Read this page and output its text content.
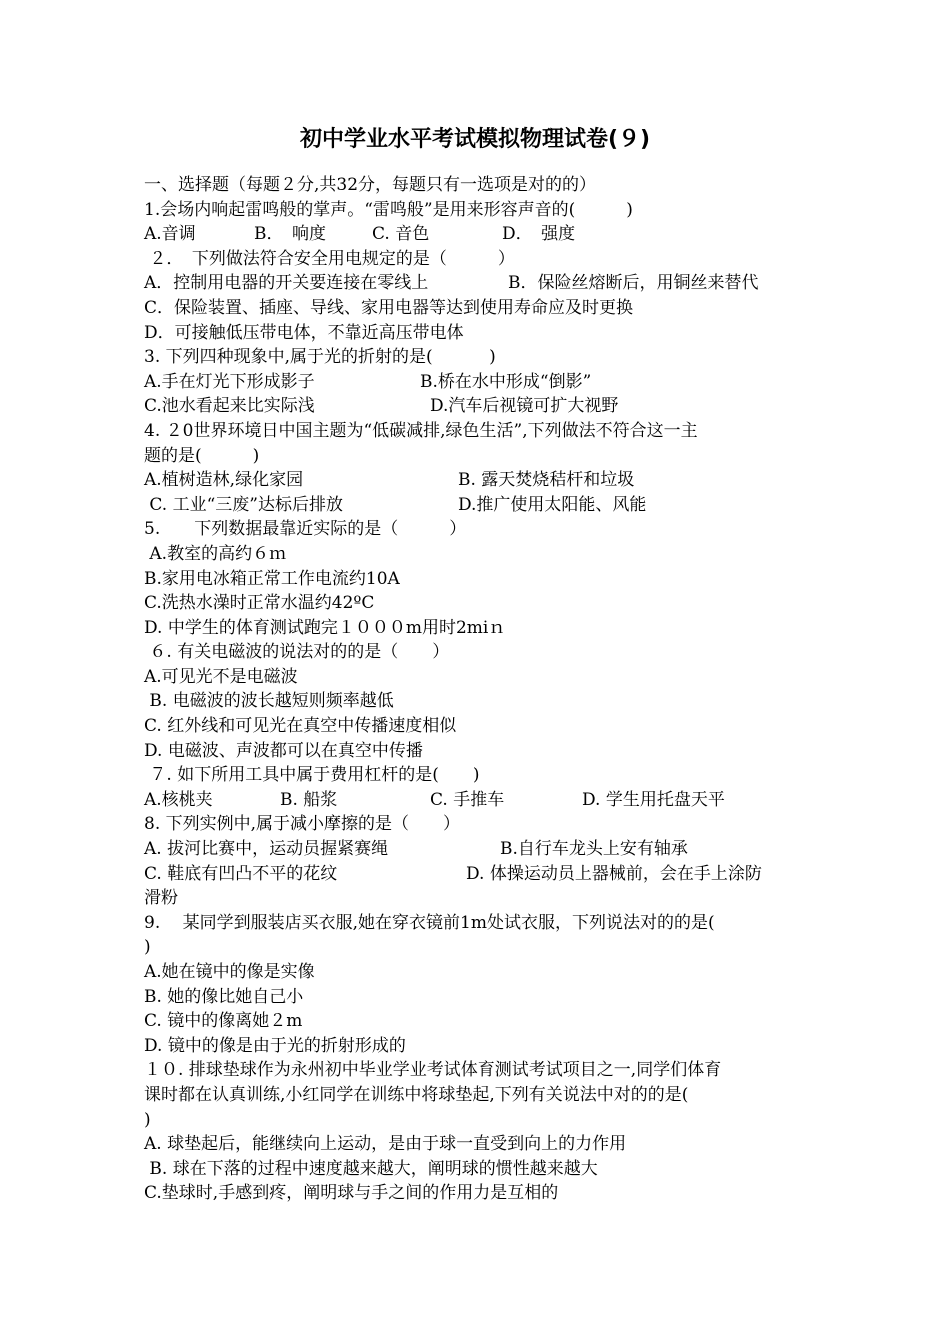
初中学业水平考试模拟物理试卷(９)
一、选择题（每题２分,共32分，每题只有一选项是对的的）
1.会场内响起雷鸣般的掌声。“雷鸣般”是用来形容声音的(　　　)
A.音调	B．　响度	C. 音色	D．　强度
２．　下列做法符合安全用电规定的是（　　　）
A．控制用电器的开关要连接在零线上	B．保险丝熔断后，用铜丝来替代
C．保险装置、插座、导线、家用电器等达到使用寿命应及时更换
D．可接触低压带电体，不靠近高压带电体
3. 下列四种现象中,属于光的折射的是(　　　 )
A.手在灯光下形成影子	B.桥在水中形成“倒影”
C.池水看起来比实际浅	D.汽车后视镜可扩大视野
4. ２0世界环境日中国主题为“低碳减排,绿色生活”,下列做法不符合这一主
题的是(　　　)
A.植树造林,绿化家园	B. 露天焚烧秸杆和垃圾
C. 工业“三废”达标后排放	D.推广使用太阳能、风能
5.　　下列数据最靠近实际的是（　　　）
A.教室的高约６ｍ
B.家用电冰箱正常工作电流约10A
C.洗热水澡时正常水温约42ºC
D. 中学生的体育测试跑完１０００m用时2miｎ
６. 有关电磁波的说法对的的是（　　）
A.可见光不是电磁波
B. 电磁波的波长越短则频率越低
C. 红外线和可见光在真空中传播速度相似
D. 电磁波、声波都可以在真空中传播
７. 如下所用工具中属于费用杠杆的是(　　)
A.核桃夹	B. 船浆	C. 手推车	D. 学生用托盘天平
8. 下列实例中,属于减小摩擦的是（　　）
A. 拔河比赛中，运动员握紧赛绳	B.自行车龙头上安有轴承
C. 鞋底有凹凸不平的花纹	D. 体操运动员上器械前，会在手上涂防
滑粉
9.　 某同学到服装店买衣服,她在穿衣镜前1m处试衣服，下列说法对的的是(
)
A.她在镜中的像是实像
B. 她的像比她自己小
C. 镜中的像离她２m
D. 镜中的像是由于光的折射形成的
１０. 排球垫球作为永州初中毕业学业考试体育测试考试项目之一,同学们体育
课时都在认真训练,小红同学在训练中将球垫起,下列有关说法中对的的是(
)
A. 球垫起后，能继续向上运动，是由于球一直受到向上的力作用
B. 球在下落的过程中速度越来越大，阐明球的惯性越来越大
C.垫球时,手感到疼，阐明球与手之间的作用力是互相的
